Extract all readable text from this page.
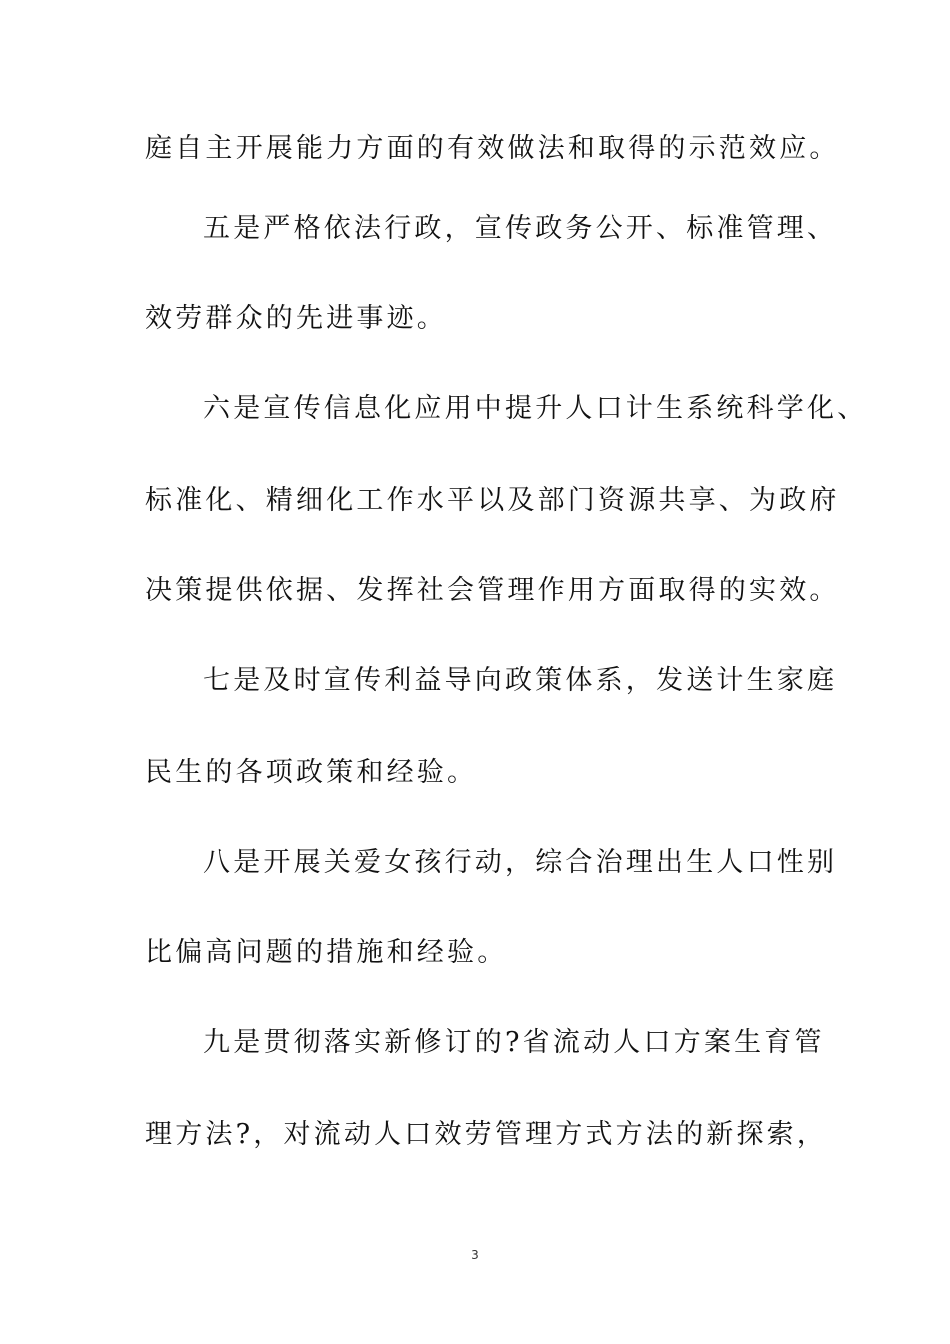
庭自主开展能力方面的有效做法和取得的示范效应。
五是严格依法行政，宣传政务公开、标准管理、
效劳群众的先进事迹。
六是宣传信息化应用中提升人口计生系统科学化、
标准化、精细化工作水平以及部门资源共享、为政府
决策提供依据、发挥社会管理作用方面取得的实效。
七是及时宣传利益导向政策体系，发送计生家庭
民生的各项政策和经验。
八是开展关爱女孩行动，综合治理出生人口性别
比偏高问题的措施和经验。
九是贯彻落实新修订的?省流动人口方案生育管
理方法?，对流动人口效劳管理方式方法的新探索，
3
